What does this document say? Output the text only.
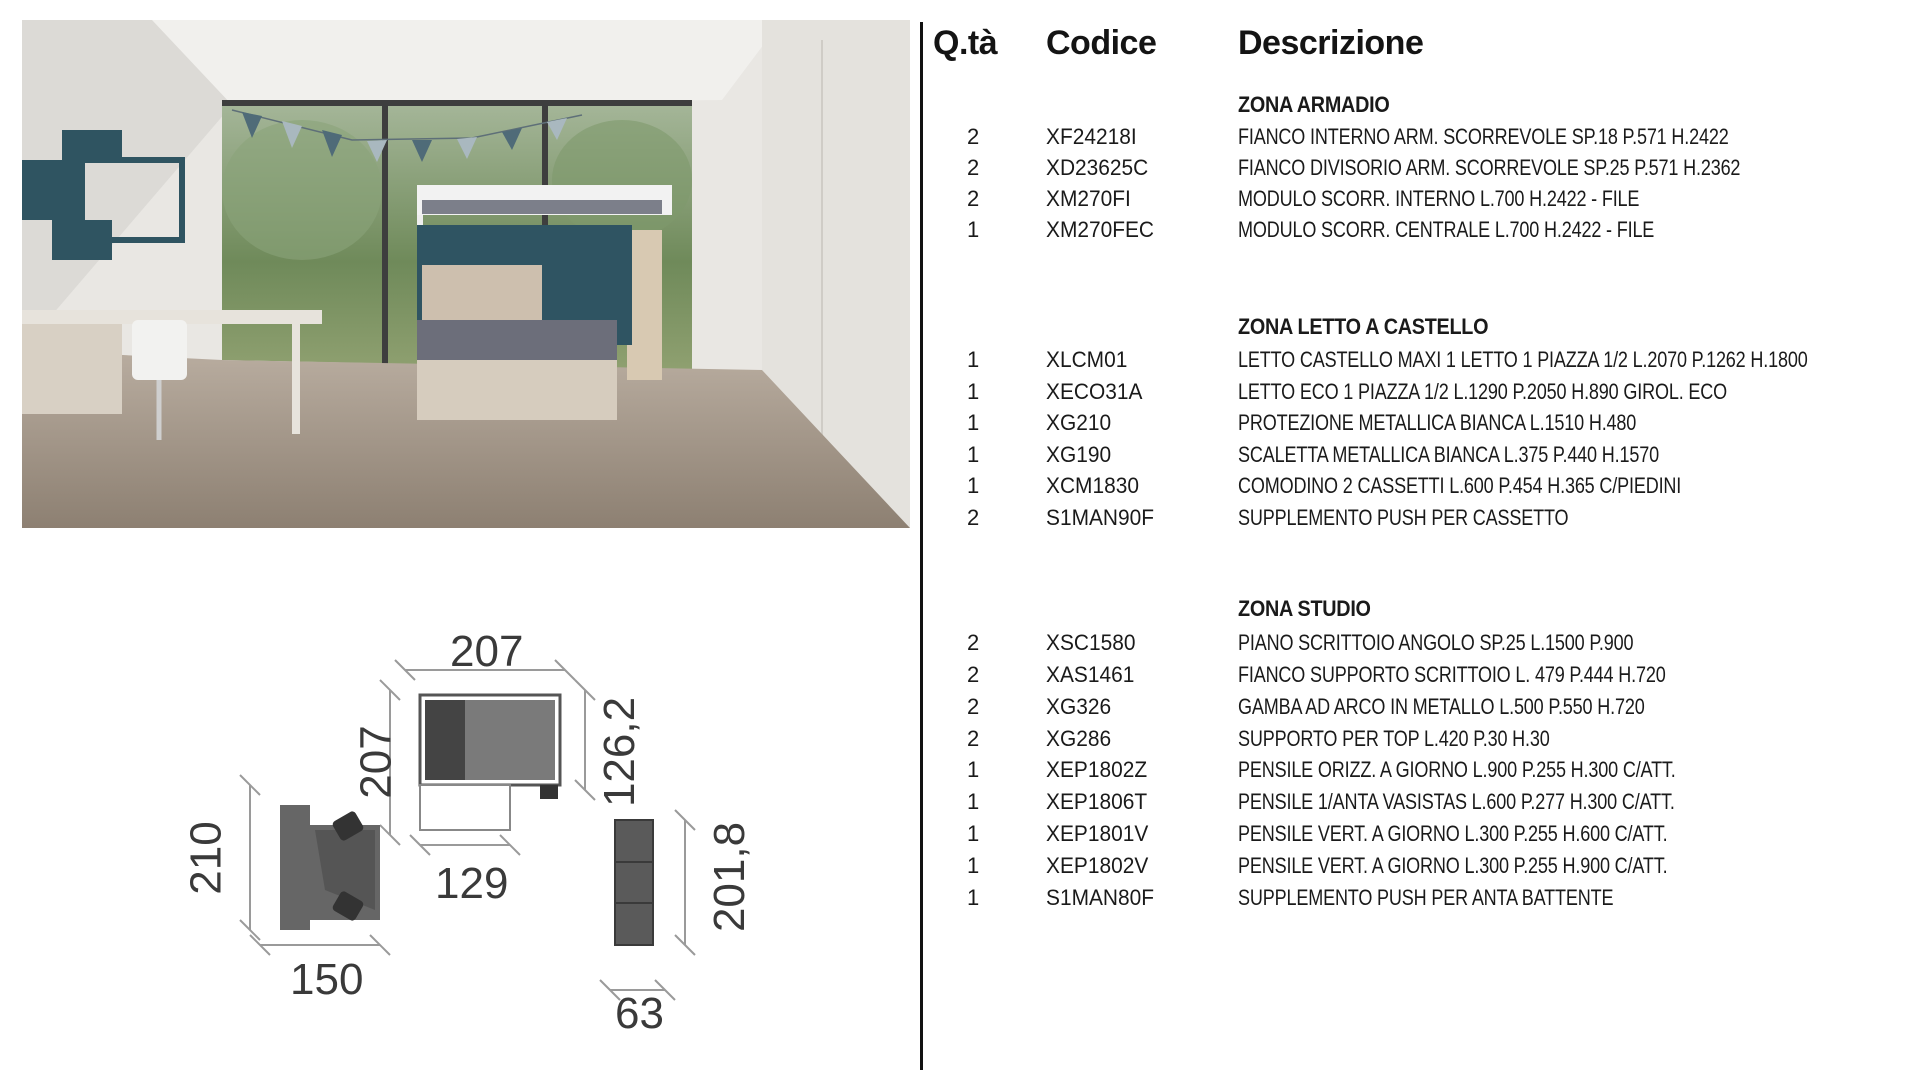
207
126,2
207
129
210
150
201,8
63
Q.tà Codice Descrizione
ZONA ARMADIO
2	XF24218I	FIANCO INTERNO ARM. SCORREVOLE SP.18 P.571 H.2422
2	XD23625C	FIANCO DIVISORIO ARM. SCORREVOLE SP.25 P.571 H.2362
2	XM270FI	MODULO SCORR. INTERNO L.700 H.2422 - FILE
1	XM270FEC	MODULO SCORR. CENTRALE L.700 H.2422 - FILE
ZONA LETTO A CASTELLO
1	XLCM01	LETTO CASTELLO MAXI 1 LETTO 1 PIAZZA 1/2 L.2070 P.1262 H.1800
1	XECO31A	LETTO ECO 1 PIAZZA 1/2 L.1290 P.2050 H.890 GIROL. ECO
1	XG210	PROTEZIONE METALLICA BIANCA L.1510 H.480
1	XG190	SCALETTA METALLICA BIANCA L.375 P.440 H.1570
1	XCM1830	COMODINO 2 CASSETTI L.600 P.454 H.365 C/PIEDINI
2	S1MAN90F	SUPPLEMENTO PUSH PER CASSETTO
ZONA STUDIO
2	XSC1580	PIANO SCRITTOIO ANGOLO SP.25 L.1500 P.900
2	XAS1461	FIANCO SUPPORTO SCRITTOIO L. 479 P.444 H.720
2	XG326	GAMBA AD ARCO IN METALLO L.500 P.550 H.720
2	XG286	SUPPORTO PER TOP L.420 P.30 H.30
1	XEP1802Z	PENSILE ORIZZ. A GIORNO L.900 P.255 H.300 C/ATT.
1	XEP1806T	PENSILE 1/ANTA VASISTAS L.600 P.277 H.300 C/ATT.
1	XEP1801V	PENSILE VERT. A GIORNO L.300 P.255 H.600 C/ATT.
1	XEP1802V	PENSILE VERT. A GIORNO L.300 P.255 H.900 C/ATT.
1	S1MAN80F	SUPPLEMENTO PUSH PER ANTA BATTENTE
